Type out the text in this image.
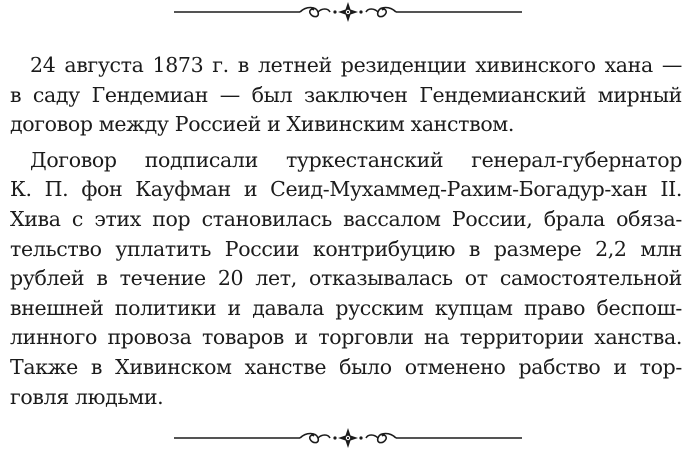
24 августа 1873 г. в летней резиденции хивинского хана —
в саду Гендемиан — был заключен Гендемианский мирный
договор между Россией и Хивинским ханством.

Договор подписали туркестанский генерал-губернатор
К. П. фон Кауфман и Сеид-Мухаммед-Рахим-Богадур-хан II.
Хива с этих пор становилась вассалом России, брала обяза-
тельство уплатить России контрибуцию в размере 2,2 млн
рублей в течение 20 лет, отказывалась от самостоятельной
внешней политики и давала русским купцам право беспош-
линного провоза товаров и торговли на территории ханства.
Также в Хивинском ханстве было отменено рабство и тор-
говля людьми.
